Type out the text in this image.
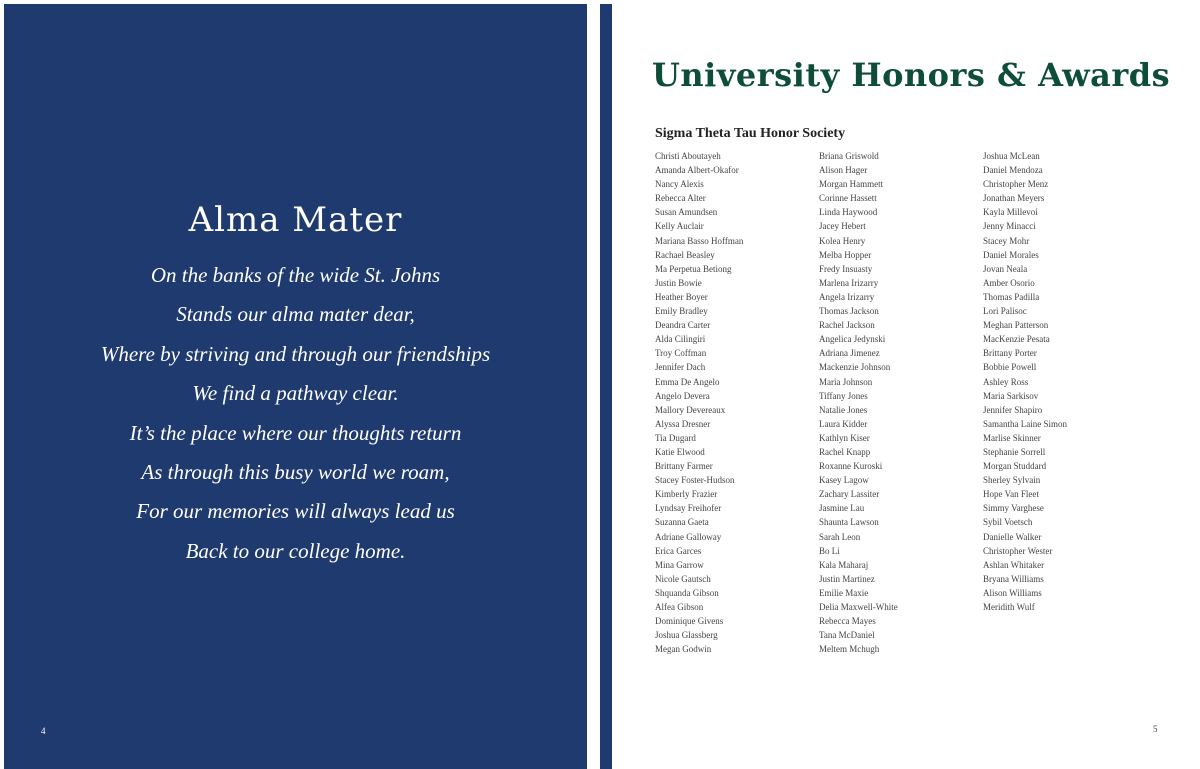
Alma Mater
On the banks of the wide St. Johns
Stands our alma mater dear,
Where by striving and through our friendships
We find a pathway clear.
It’s the place where our thoughts return
As through this busy world we roam,
For our memories will always lead us
Back to our college home.
4
University Honors & Awards
Sigma Theta Tau Honor Society
Christi Aboutayeh
Amanda Albert-Okafor
Nancy Alexis
Rebecca Alter
Susan Amundsen
Kelly Auclair
Mariana Basso Hoffman
Rachael Beasley
Ma Perpetua Betiong
Justin Bowie
Heather Boyer
Emily Bradley
Deandra Carter
Alda Cilingiri
Troy Coffman
Jennifer Dach
Emma De Angelo
Angelo Devera
Mallory Devereaux
Alyssa Dresner
Tia Dugard
Katie Elwood
Brittany Farmer
Stacey Foster-Hudson
Kimberly Frazier
Lyndsay Freihofer
Suzanna Gaeta
Adriane Galloway
Erica Garces
Mina Garrow
Nicole Gautsch
Shquanda Gibson
Alfea Gibson
Dominique Givens
Joshua Glassberg
Megan Godwin
Briana Griswold
Alison Hager
Morgan Hammett
Corinne Hassett
Linda Haywood
Jacey Hebert
Kolea Henry
Melba Hopper
Fredy Insuasty
Marlena Irizarry
Angela Irizarry
Thomas Jackson
Rachel Jackson
Angelica Jedynski
Adriana Jimenez
Mackenzie Johnson
Maria Johnson
Tiffany Jones
Natalie Jones
Laura Kidder
Kathlyn Kiser
Rachel Knapp
Roxanne Kuroski
Kasey Lagow
Zachary Lassiter
Jasmine Lau
Shaunta Lawson
Sarah Leon
Bo Li
Kala Maharaj
Justin Martinez
Emilie Maxie
Delia Maxwell-White
Rebecca Mayes
Tana McDaniel
Meltem Mchugh
Joshua McLean
Daniel Mendoza
Christopher Menz
Jonathan Meyers
Kayla Millevoi
Jenny Minacci
Stacey Mohr
Daniel Morales
Jovan Neala
Amber Osorio
Thomas Padilla
Lori Palisoc
Meghan Patterson
MacKenzie Pesata
Brittany Porter
Bobbie Powell
Ashley Ross
Maria Sarkisov
Jennifer Shapiro
Samantha Laine Simon
Marlise Skinner
Stephanie Sorrell
Morgan Studdard
Sherley Sylvain
Hope Van Fleet
Simmy Varghese
Sybil Voetsch
Danielle Walker
Christopher Wester
Ashlan Whitaker
Bryana Williams
Alison Williams
Meridith Wulf
5
